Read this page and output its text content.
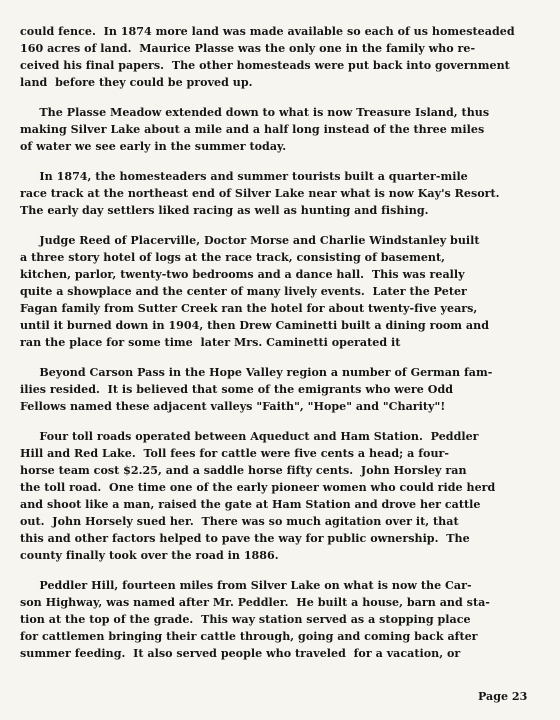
could fence.  In 1874 more land was made available so each of us homesteaded
160 acres of land.  Maurice Plasse was the only one in the family who re-
ceived his final papers.  The other homesteads were put back into government
land  before they could be proved up.
The Plasse Meadow extended down to what is now Treasure Island, thus
making Silver Lake about a mile and a half long instead of the three miles
of water we see early in the summer today.
In 1874, the homesteaders and summer tourists built a quarter-mile
race track at the northeast end of Silver Lake near what is now Kay's Resort.
The early day settlers liked racing as well as hunting and fishing.
Judge Reed of Placerville, Doctor Morse and Charlie Windstanley built
a three story hotel of logs at the race track, consisting of basement,
kitchen, parlor, twenty-two bedrooms and a dance hall.  This was really
quite a showplace and the center of many lively events.  Later the Peter
Fagan family from Sutter Creek ran the hotel for about twenty-five years,
until it burned down in 1904, then Drew Caminetti built a dining room and
ran the place for some time  later Mrs. Caminetti operated it
Beyond Carson Pass in the Hope Valley region a number of German fam-
ilies resided.  It is believed that some of the emigrants who were Odd
Fellows named these adjacent valleys "Faith", "Hope" and "Charity"!
Four toll roads operated between Aqueduct and Ham Station.  Peddler
Hill and Red Lake.  Toll fees for cattle were five cents a head; a four-
horse team cost $2.25, and a saddle horse fifty cents.  John Horsley ran
the toll road.  One time one of the early pioneer women who could ride herd
and shoot like a man, raised the gate at Ham Station and drove her cattle
out.  John Horsely sued her.  There was so much agitation over it, that
this and other factors helped to pave the way for public ownership.  The
county finally took over the road in 1886.
Peddler Hill, fourteen miles from Silver Lake on what is now the Car-
son Highway, was named after Mr. Peddler.  He built a house, barn and sta-
tion at the top of the grade.  This way station served as a stopping place
for cattlemen bringing their cattle through, going and coming back after
summer feeding.  It also served people who traveled  for a vacation, or
Page 23
